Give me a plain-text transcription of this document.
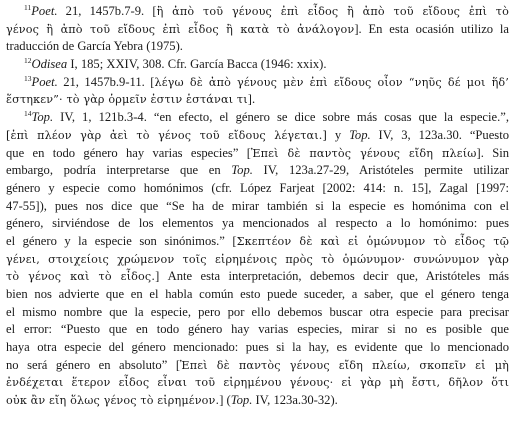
$^{11}$Poet. 21, 1457b.7-9. [ἢ ἀπὸ τοῦ γένους ἐπὶ εἶδος ἢ ἀπὸ τοῦ εἴδους ἐπὶ τὸ
γένος ἢ ἀπὸ τοῦ εἴδους ἐπὶ εἶδος ἢ κατὰ τὸ ἀνάλογον]. En esta ocasión utilizo la
traducción de García Yebra (1975).
$^{12}$Odisea I, 185; XXIV, 308. Cfr. García Bacca (1946: xxix).
$^{13}$Poet. 21, 1457b.9-11. [λέγω δὲ ἀπὸ γένους μὲν ἐπὶ εἴδους οἷον “νηῦς δέ μοι ἥδ’
ἕστηκεν”· τὸ γὰρ ὁρμεῖν ἐστιν ἑστάναι τι].
$^{14}$Top. IV, 1, 121b.3-4. “en efecto, el género se dice sobre más cosas que la especie.”,
[ἐπὶ πλέον γὰρ ἀεὶ τὸ γένος τοῦ εἴδους λέγεται.] y Top. IV, 3, 123a.30. “Puesto
que en todo género hay varias especies” [Ἐπεὶ δὲ παντὸς γένους εἴδη πλείω]. Sin
embargo, podría interpretarse que en Top. IV, 123a.27-29, Aristóteles permite utilizar
género y especie como homónimos (cfr. López Farjeat [2002: 414: n. 15], Zagal [1997:
47-55]), pues nos dice que “Se ha de mirar también si la especie es homónima con el
género, sirviéndose de los elementos ya mencionados al respecto a lo homónimo: pues
el género y la especie son sinónimos.” [Σκεπτέον δὲ καὶ εἰ ὁμώνυμον τὸ εἶδος τῷ
γένει, στοιχείοις χρώμενον τοῖς εἰρημένοις πρὸς τὸ ὁμώνυμον· συνώνυμον γὰρ
τὸ γένος καὶ τὸ εἶδος.] Ante esta interpretación, debemos decir que, Aristóteles más
bien nos advierte que en el habla común esto puede suceder, a saber, que el género tenga
el mismo nombre que la especie, pero por ello debemos buscar otra especie para precisar
el error: “Puesto que en todo género hay varias especies, mirar si no es posible que
haya otra especie del género mencionado: pues si la hay, es evidente que lo mencionado
no será género en absoluto” [Ἐπεὶ δὲ παντὸς γένους εἴδη πλείω, σκοπεῖν εἰ μὴ
ἐνδέχεται ἕτερον εἶδος εἶναι τοῦ εἰρημένου γένους· εἰ γὰρ μὴ ἔστι, δῆλον ὅτι
οὐκ ἂν εἴη ὅλως γένος τὸ εἰρημένον.] (Top. IV, 123a.30-32).
